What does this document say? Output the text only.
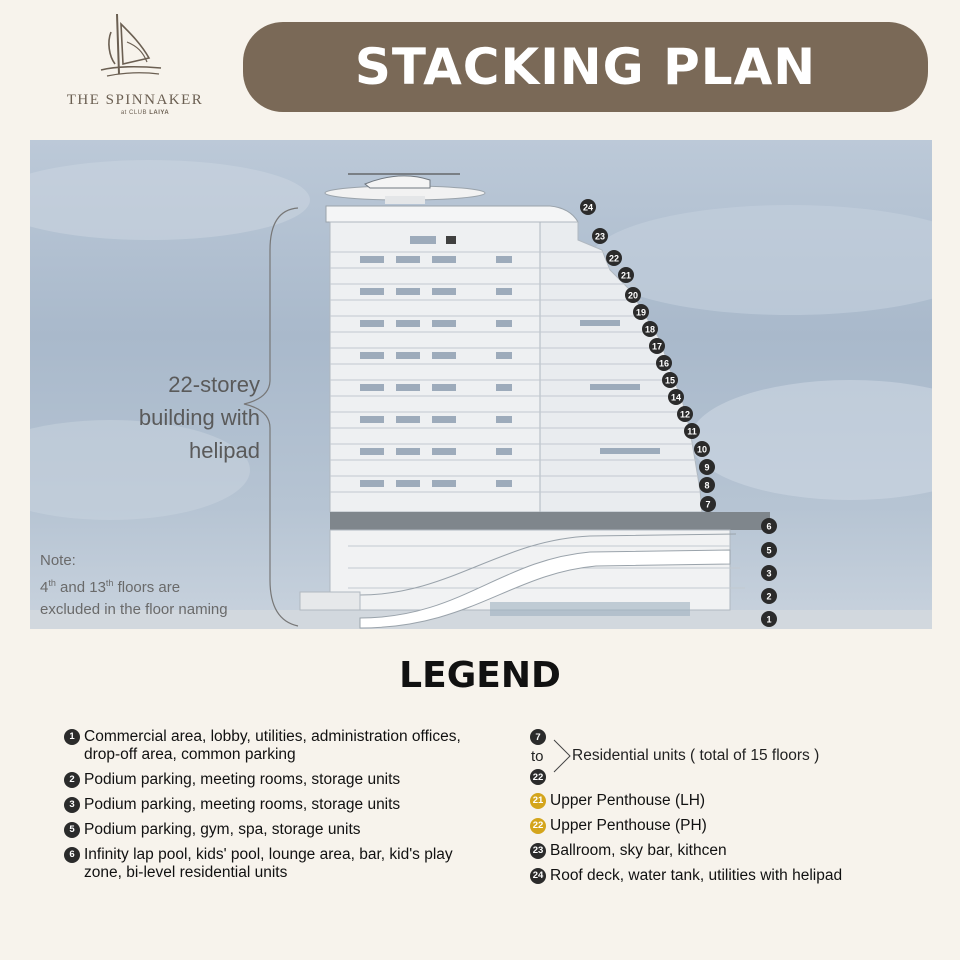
THE SPINNAKER
at CLUB LAIYA
STACKING PLAN
24
23
22
21
20
19
18
17
16
15
14
12
11
10
9
8
7
6
5
3
2
1
22-storey
building with
helipad
Note:
4th and 13th floors are
excluded in the floor naming
LEGEND
1 Commercial area, lobby, utilities, administration offices, drop-off area, common parking
2 Podium parking, meeting rooms, storage units
3 Podium parking, meeting rooms, storage units
5 Podium parking, gym, spa, storage units
6 Infinity lap pool, kids' pool, lounge area, bar, kid's play zone, bi-level residential units
7
to
22
Residential units ( total of 15 floors )
21 Upper Penthouse (LH)
22 Upper Penthouse (PH)
23 Ballroom, sky bar, kithcen
24 Roof deck, water tank, utilities with helipad
